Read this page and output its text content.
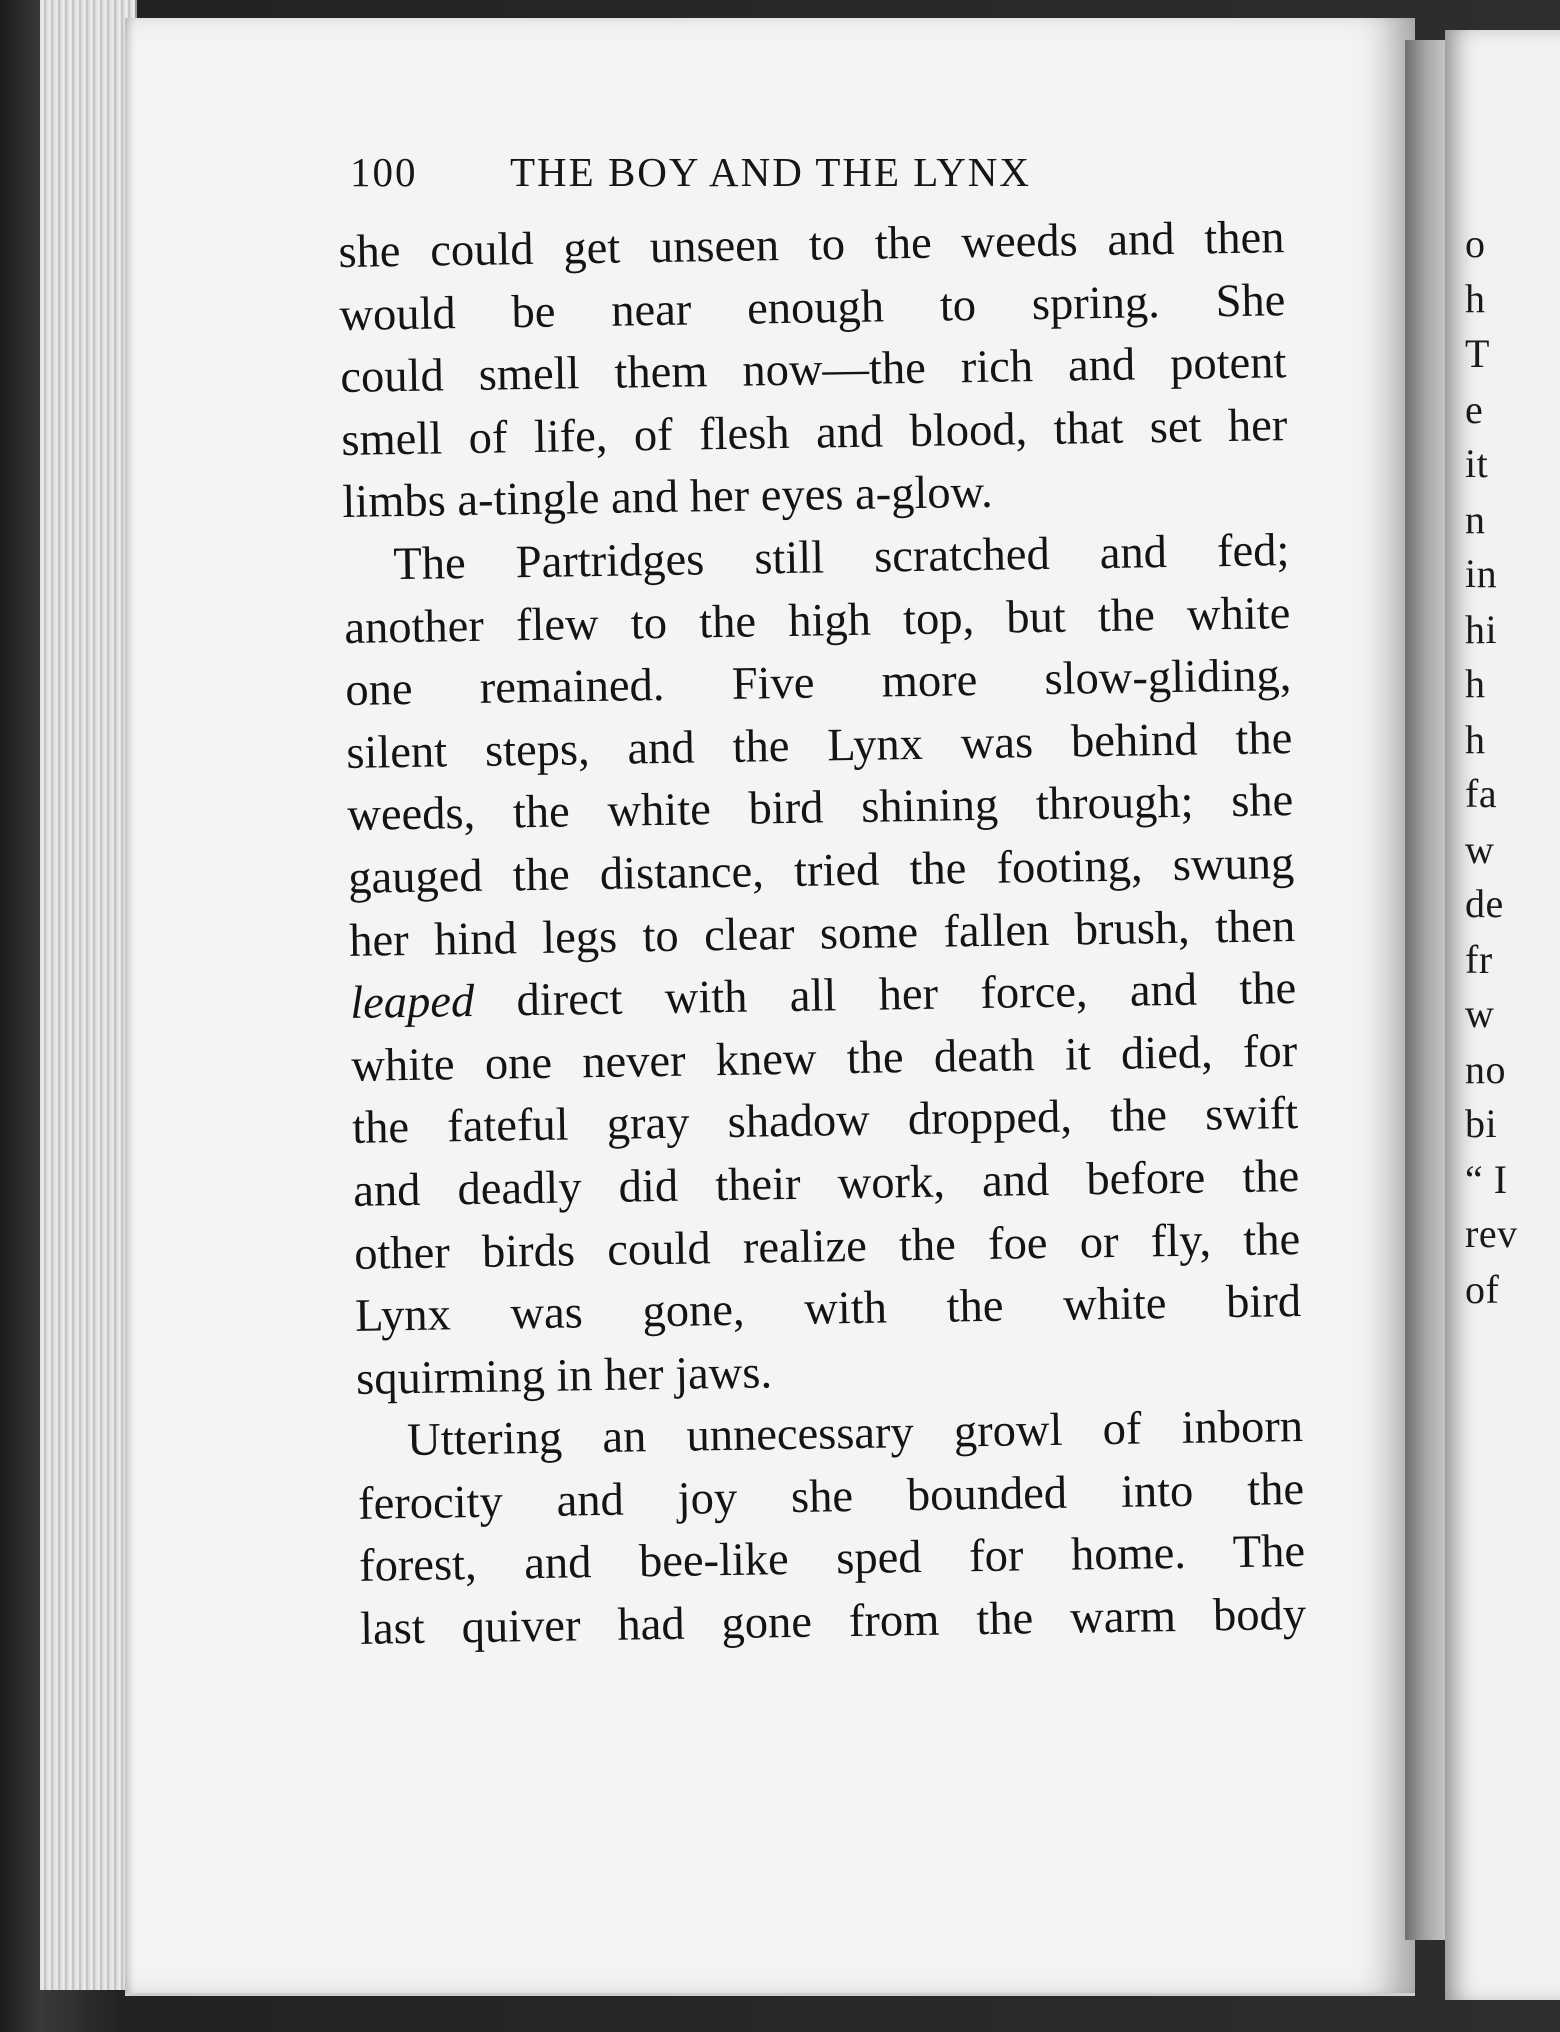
100 THE BOY AND THE LYNX
she could get unseen to the weeds and then
would be near enough to spring. She
could smell them now—the rich and potent
smell of life, of flesh and blood, that set her
limbs a-tingle and her eyes a-glow.
The Partridges still scratched and fed;
another flew to the high top, but the white
one remained. Five more slow-gliding,
silent steps, and the Lynx was behind the
weeds, the white bird shining through; she
gauged the distance, tried the footing, swung
her hind legs to clear some fallen brush, then
leaped direct with all her force, and the
white one never knew the death it died, for
the fateful gray shadow dropped, the swift
and deadly did their work, and before the
other birds could realize the foe or fly, the
Lynx was gone, with the white bird
squirming in her jaws.
Uttering an unnecessary growl of inborn
ferocity and joy she bounded into the
forest, and bee-like sped for home. The
last quiver had gone from the warm body
o
h
T
e
it
n
in
hi
h
h
fa
w
de
fr
w
no
bi
“ I
rev
of
